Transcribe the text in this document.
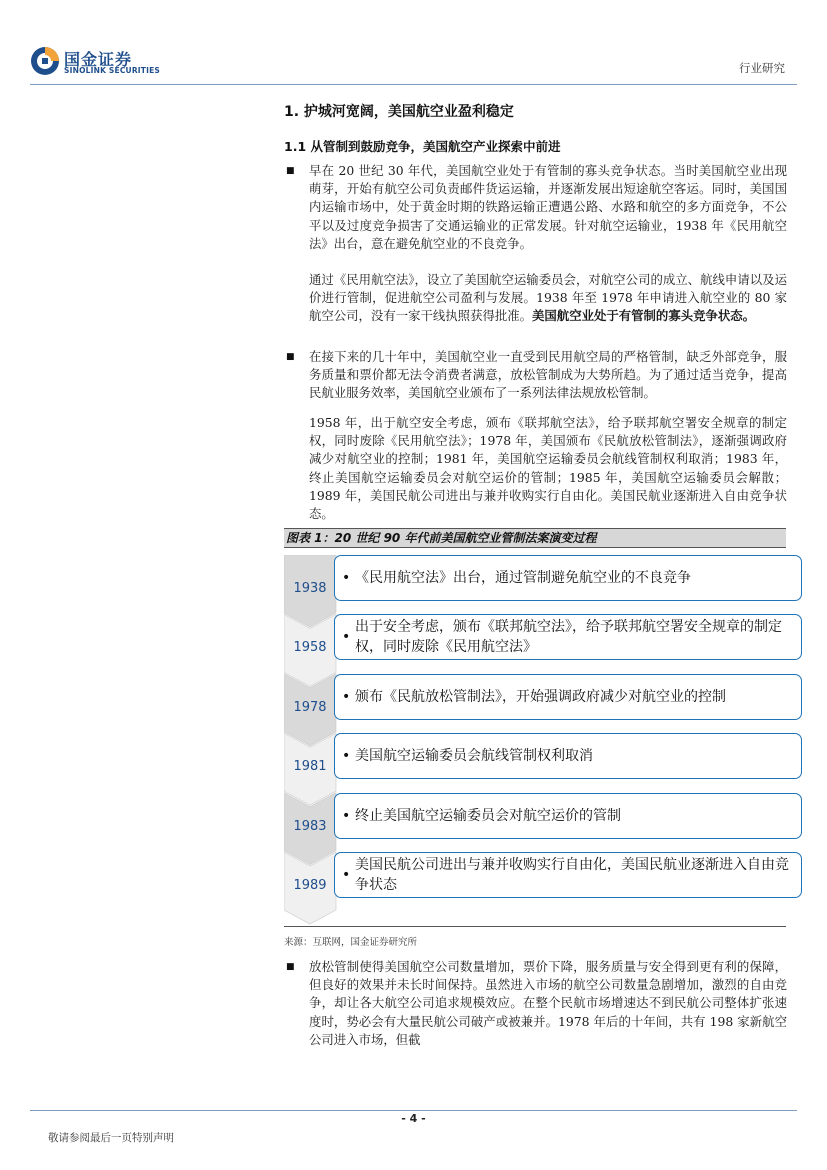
国金证券
SINOLINK SECURITIES	行业研究
1. 护城河宽阔，美国航空业盈利稳定
1.1 从管制到鼓励竞争，美国航空产业探索中前进
■ 早在 20 世纪 30 年代，美国航空业处于有管制的寡头竞争状态。当时美国航空业出现萌芽，开始有航空公司负责邮件货运运输，并逐渐发展出短途航空客运。同时，美国国内运输市场中，处于黄金时期的铁路运输正遭遇公路、水路和航空的多方面竞争，不公平以及过度竞争损害了交通运输业的正常发展。针对航空运输业，1938 年《民用航空法》出台，意在避免航空业的不良竞争。
通过《民用航空法》，设立了美国航空运输委员会，对航空公司的成立、航线申请以及运价进行管制，促进航空公司盈利与发展。1938 年至 1978 年申请进入航空业的 80 家航空公司，没有一家干线执照获得批准。美国航空业处于有管制的寡头竞争状态。
■ 在接下来的几十年中，美国航空业一直受到民用航空局的严格管制，缺乏外部竞争，服务质量和票价都无法令消费者满意，放松管制成为大势所趋。为了通过适当竞争，提高民航业服务效率，美国航空业颁布了一系列法律法规放松管制。
1958 年，出于航空安全考虑，颁布《联邦航空法》，给予联邦航空署安全规章的制定权，同时废除《民用航空法》；1978 年，美国颁布《民航放松管制法》，逐渐强调政府减少对航空业的控制；1981 年，美国航空运输委员会航线管制权利取消；1983 年，终止美国航空运输委员会对航空运价的管制；1985 年，美国航空运输委员会解散；1989 年，美国民航公司进出与兼并收购实行自由化。美国民航业逐渐进入自由竞争状态。
图表 1：20 世纪 90 年代前美国航空业管制法案演变过程
1938
• 《民用航空法》出台，通过管制避免航空业的不良竞争
1958
•
出于安全考虑，颁布《联邦航空法》，给予联邦航空署安全规章的制定权，同时废除《民用航空法》
1978
• 颁布《民航放松管制法》，开始强调政府减少对航空业的控制
1981
• 美国航空运输委员会航线管制权利取消
1983
• 终止美国航空运输委员会对航空运价的管制
1989
•
美国民航公司进出与兼并收购实行自由化，美国民航业逐渐进入自由竞争状态
来源：互联网，国金证券研究所
■ 放松管制使得美国航空公司数量增加，票价下降，服务质量与安全得到更有利的保障，但良好的效果并未长时间保持。虽然进入市场的航空公司数量急剧增加，激烈的自由竞争，却让各大航空公司追求规模效应。在整个民航市场增速达不到民航公司整体扩张速度时，势必会有大量民航公司破产或被兼并。1978 年后的十年间，共有 198 家新航空公司进入市场，但截
- 4 -
敬请参阅最后一页特别声明
